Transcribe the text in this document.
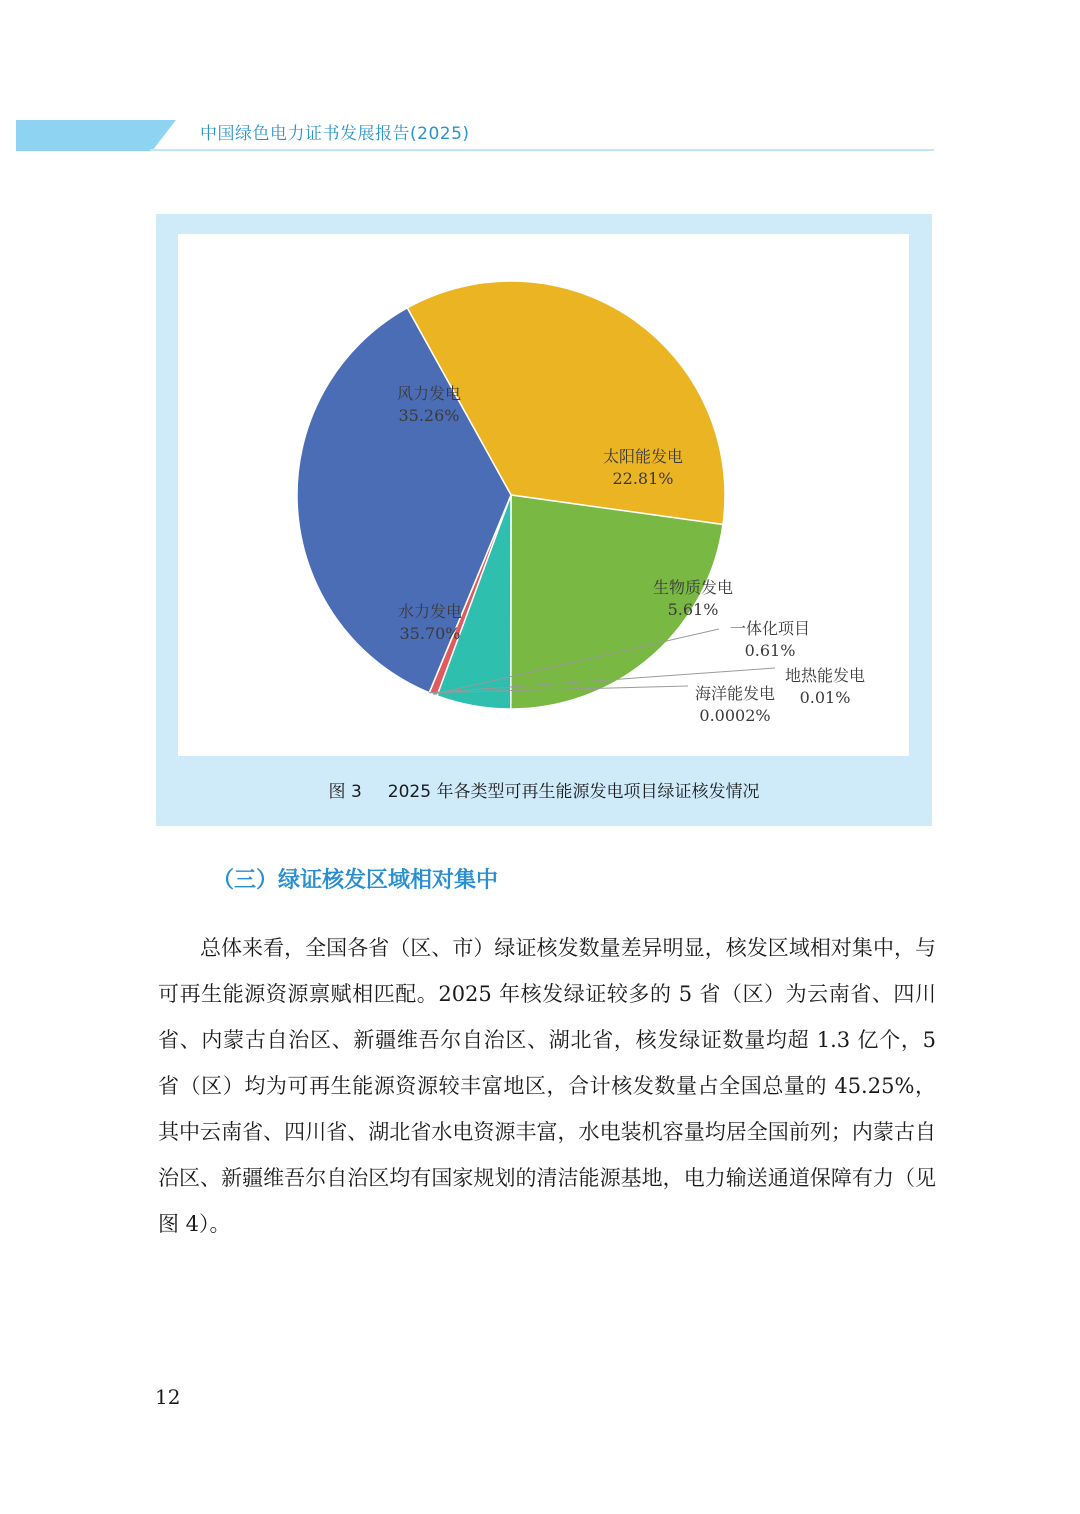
中国绿色电力证书发展报告(2025)
风力发电
35.26%
太阳能发电
22.81%
生物质发电
5.61%
一体化项目
0.61%
地热能发电
0.01%
海洋能发电
0.0002%
水力发电
35.70%
图 3 2025 年各类型可再生能源发电项目绿证核发情况
（三）绿证核发区域相对集中

总体来看，全国各省（区、市）绿证核发数量差异明显，核发区域相对集中，与可再生能源资源禀赋相匹配。2025 年核发绿证较多的 5 省（区）为云南省、四川省、内蒙古自治区、新疆维吾尔自治区、湖北省，核发绿证数量均超 1.3 亿个，5 省（区）均为可再生能源资源较丰富地区，合计核发数量占全国总量的 45.25%，其中云南省、四川省、湖北省水电资源丰富，水电装机容量均居全国前列；内蒙古自治区、新疆维吾尔自治区均有国家规划的清洁能源基地，电力输送通道保障有力（见图 4）。

12
